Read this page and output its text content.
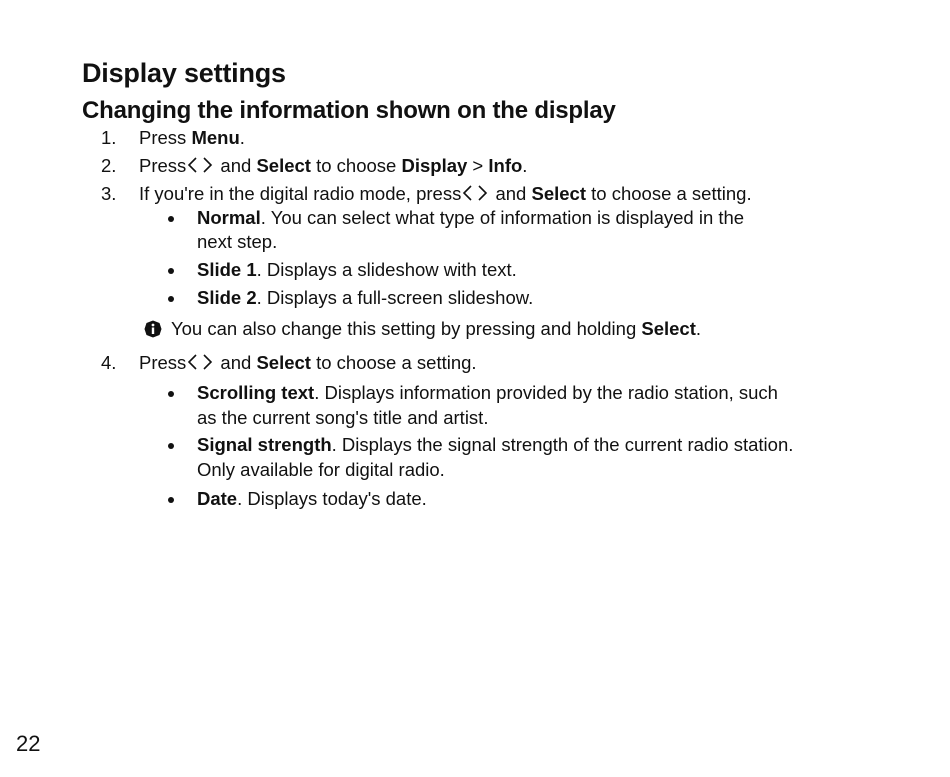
Display settings
Changing the information shown on the display
1. Press Menu.
2. Press
and Select to choose Display > Info.
3. If you're in the digital radio mode, press
and Select to choose a setting.
Normal. You can select what type of information is displayed in the
next step.
Slide 1. Displays a slideshow with text.
Slide 2. Displays a full-screen slideshow.
You can also change this setting by pressing and holding Select.
4. Press
and Select to choose a setting.
Scrolling text. Displays information provided by the radio station, such
as the current song's title and artist.
Signal strength. Displays the signal strength of the current radio station.
Only available for digital radio.
Date. Displays today's date.
22
